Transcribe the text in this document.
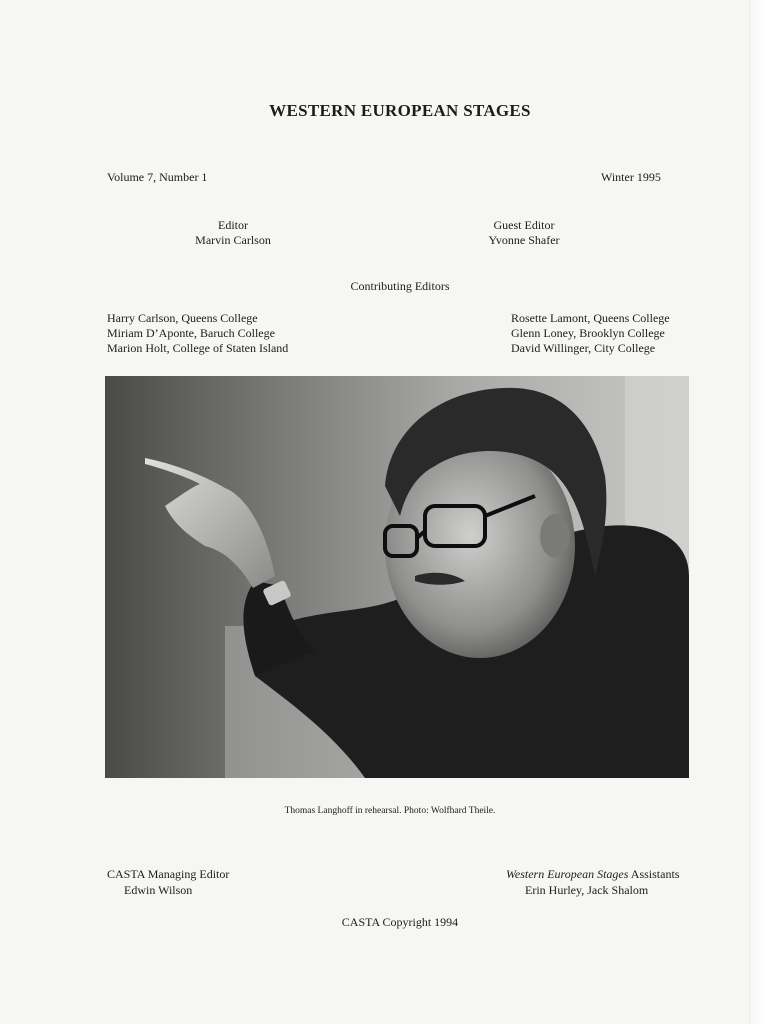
WESTERN EUROPEAN STAGES
Volume 7, Number 1	Winter 1995
Editor
Marvin Carlson
Guest Editor
Yvonne Shafer
Contributing Editors
Harry Carlson, Queens College
Miriam D’Aponte, Baruch College
Marion Holt, College of Staten Island
Rosette Lamont, Queens College
Glenn Loney, Brooklyn College
David Willinger, City College
Thomas Langhoff in rehearsal. Photo: Wolfhard Theile.
CASTA Managing Editor
Edwin Wilson
Western European Stages Assistants
Erin Hurley, Jack Shalom
CASTA Copyright 1994
